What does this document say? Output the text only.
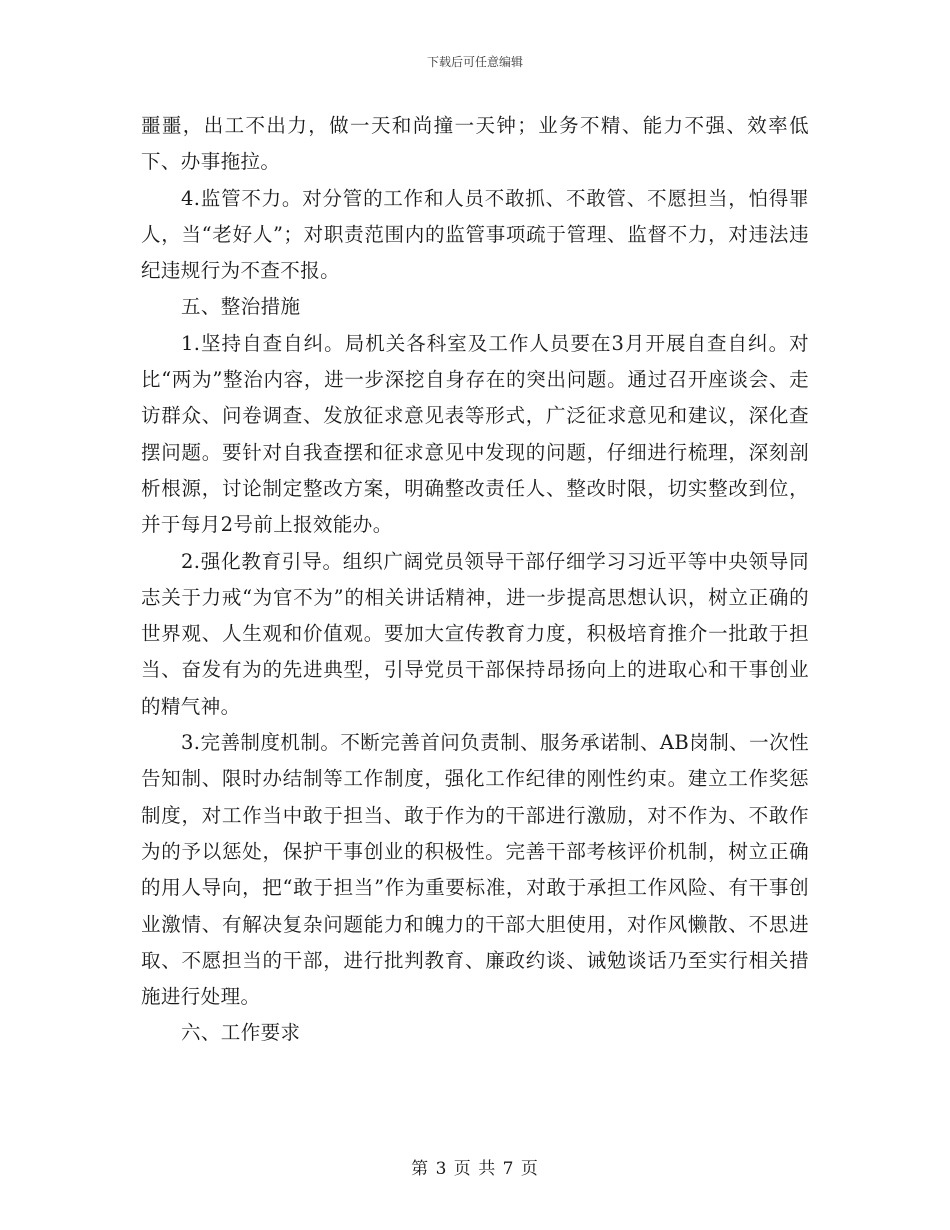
下载后可任意编辑

噩噩，出工不出力，做一天和尚撞一天钟；业务不精、能力不强、效率低下、办事拖拉。

4.监管不力。对分管的工作和人员不敢抓、不敢管、不愿担当，怕得罪人，当“老好人”；对职责范围内的监管事项疏于管理、监督不力，对违法违纪违规行为不查不报。

五、整治措施

1.坚持自查自纠。局机关各科室及工作人员要在3月开展自查自纠。对比“两为”整治内容，进一步深挖自身存在的突出问题。通过召开座谈会、走访群众、问卷调查、发放征求意见表等形式，广泛征求意见和建议，深化查摆问题。要针对自我查摆和征求意见中发现的问题，仔细进行梳理，深刻剖析根源，讨论制定整改方案，明确整改责任人、整改时限，切实整改到位，并于每月2号前上报效能办。

2.强化教育引导。组织广阔党员领导干部仔细学习习近平等中央领导同志关于力戒“为官不为”的相关讲话精神，进一步提高思想认识，树立正确的世界观、人生观和价值观。要加大宣传教育力度，积极培育推介一批敢于担当、奋发有为的先进典型，引导党员干部保持昂扬向上的进取心和干事创业的精气神。

3.完善制度机制。不断完善首问负责制、服务承诺制、AB岗制、一次性告知制、限时办结制等工作制度，强化工作纪律的刚性约束。建立工作奖惩制度，对工作当中敢于担当、敢于作为的干部进行激励，对不作为、不敢作为的予以惩处，保护干事创业的积极性。完善干部考核评价机制，树立正确的用人导向，把“敢于担当”作为重要标准，对敢于承担工作风险、有干事创业激情、有解决复杂问题能力和魄力的干部大胆使用，对作风懒散、不思进取、不愿担当的干部，进行批判教育、廉政约谈、诫勉谈话乃至实行相关措施进行处理。

六、工作要求

第 3 页 共 7 页
